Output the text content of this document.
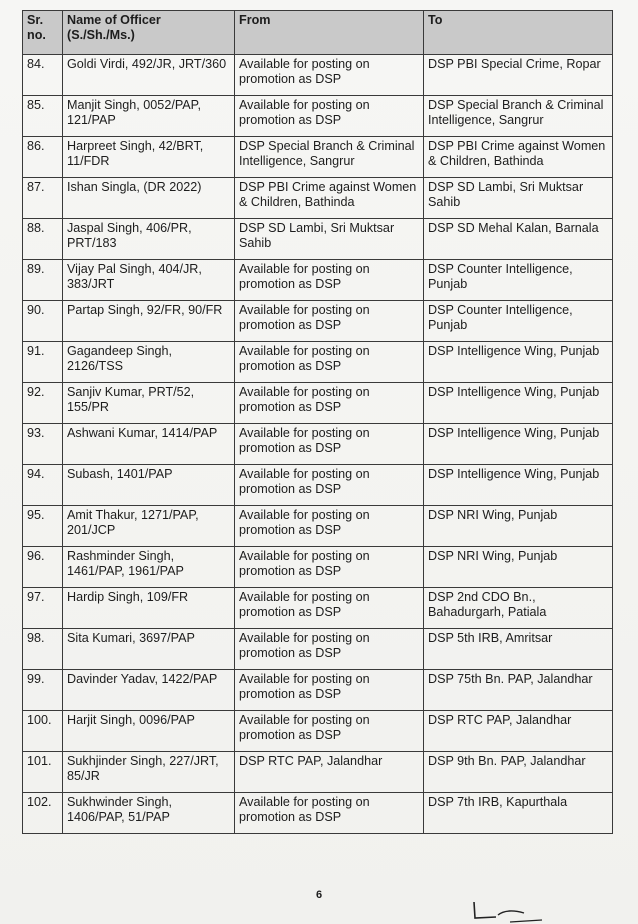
Sr. no.	Name of Officer (S./Sh./Ms.)	From	To
84.	Goldi Virdi, 492/JR, JRT/360	Available for posting on promotion as DSP	DSP PBI Special Crime, Ropar
85.	Manjit Singh, 0052/PAP, 121/PAP	Available for posting on promotion as DSP	DSP Special Branch & Criminal Intelligence, Sangrur
86.	Harpreet Singh, 42/BRT, 11/FDR	DSP Special Branch & Criminal Intelligence, Sangrur	DSP PBI Crime against Women & Children, Bathinda
87.	Ishan Singla, (DR 2022)	DSP PBI Crime against Women & Children, Bathinda	DSP SD Lambi, Sri Muktsar Sahib
88.	Jaspal Singh, 406/PR, PRT/183	DSP SD Lambi, Sri Muktsar Sahib	DSP SD Mehal Kalan, Barnala
89.	Vijay Pal Singh, 404/JR, 383/JRT	Available for posting on promotion as DSP	DSP Counter Intelligence, Punjab
90.	Partap Singh, 92/FR, 90/FR	Available for posting on promotion as DSP	DSP Counter Intelligence, Punjab
91.	Gagandeep Singh, 2126/TSS	Available for posting on promotion as DSP	DSP Intelligence Wing, Punjab
92.	Sanjiv Kumar, PRT/52, 155/PR	Available for posting on promotion as DSP	DSP Intelligence Wing, Punjab
93.	Ashwani Kumar, 1414/PAP	Available for posting on promotion as DSP	DSP Intelligence Wing, Punjab
94.	Subash, 1401/PAP	Available for posting on promotion as DSP	DSP Intelligence Wing, Punjab
95.	Amit Thakur, 1271/PAP, 201/JCP	Available for posting on promotion as DSP	DSP NRI Wing, Punjab
96.	Rashminder Singh, 1461/PAP, 1961/PAP	Available for posting on promotion as DSP	DSP NRI Wing, Punjab
97.	Hardip Singh, 109/FR	Available for posting on promotion as DSP	DSP 2nd CDO Bn., Bahadurgarh, Patiala
98.	Sita Kumari, 3697/PAP	Available for posting on promotion as DSP	DSP 5th IRB, Amritsar
99.	Davinder Yadav, 1422/PAP	Available for posting on promotion as DSP	DSP 75th Bn. PAP, Jalandhar
100.	Harjit Singh, 0096/PAP	Available for posting on promotion as DSP	DSP RTC PAP, Jalandhar
101.	Sukhjinder Singh, 227/JRT, 85/JR	DSP RTC PAP, Jalandhar	DSP 9th Bn. PAP, Jalandhar
102.	Sukhwinder Singh, 1406/PAP, 51/PAP	Available for posting on promotion as DSP	DSP 7th IRB, Kapurthala
6
